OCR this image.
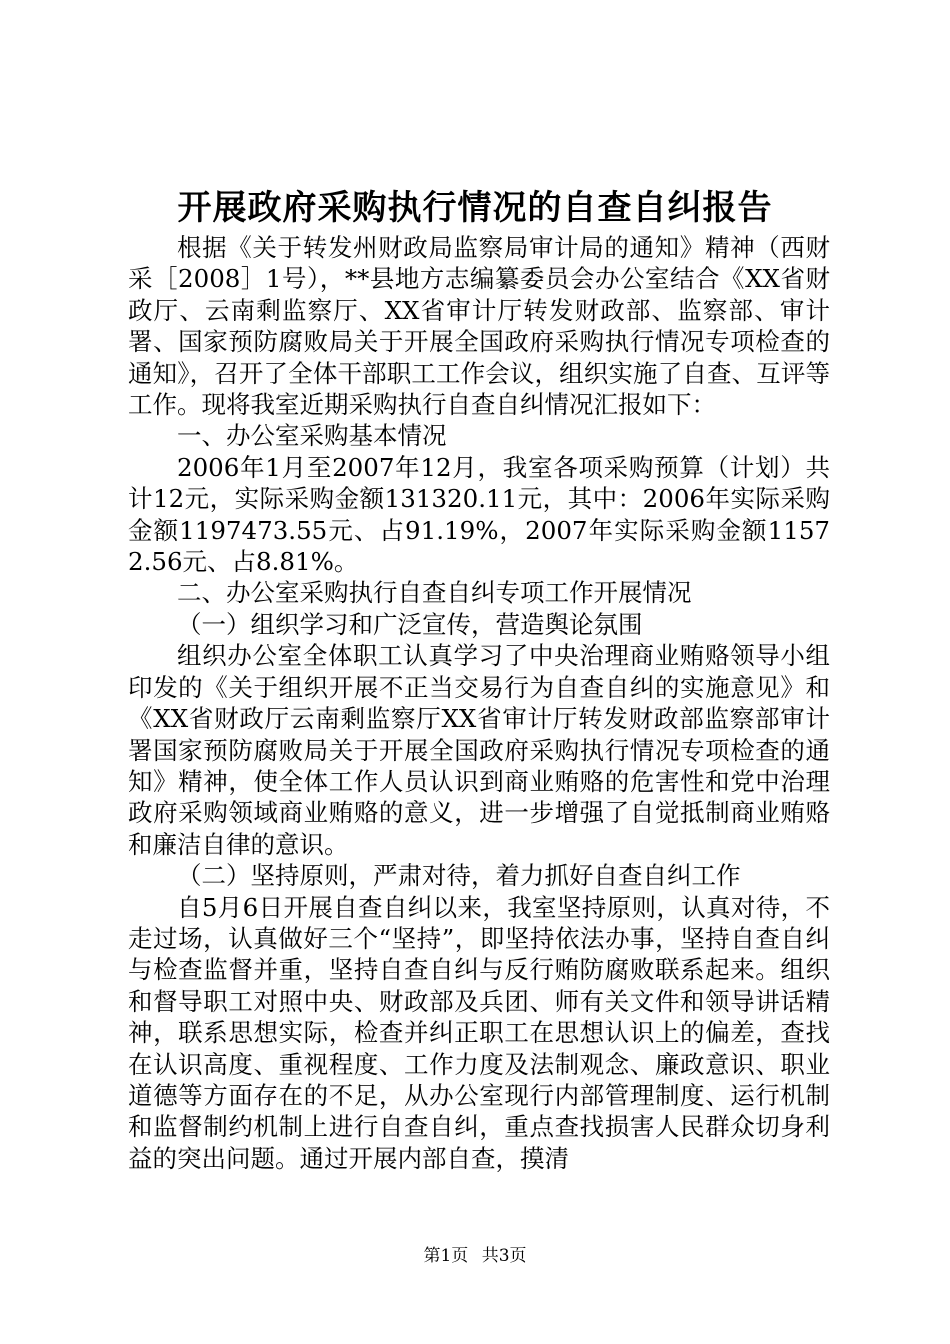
开展政府采购执行情况的自查自纠报告

根据《关于转发州财政局监察局审计局的通知》精神（西财采［2008］1号），**县地方志编纂委员会办公室结合《XX省财政厅、云南剩监察厅、XX省审计厅转发财政部、监察部、审计署、国家预防腐败局关于开展全国政府采购执行情况专项检查的通知》，召开了全体干部职工工作会议，组织实施了自查、互评等工作。现将我室近期采购执行自查自纠情况汇报如下：

一、办公室采购基本情况

2006年1月至2007年12月，我室各项采购预算（计划）共计12元，实际采购金额131320.11元，其中：2006年实际采购金额1197473.55元、占91.19%，2007年实际采购金额11572.56元、占8.81%。

二、办公室采购执行自查自纠专项工作开展情况

（一）组织学习和广泛宣传，营造舆论氛围

组织办公室全体职工认真学习了中央治理商业贿赂领导小组印发的《关于组织开展不正当交易行为自查自纠的实施意见》和《XX省财政厅云南剩监察厅XX省审计厅转发财政部监察部审计署国家预防腐败局关于开展全国政府采购执行情况专项检查的通知》精神，使全体工作人员认识到商业贿赂的危害性和党中治理政府采购领域商业贿赂的意义，进一步增强了自觉抵制商业贿赂和廉洁自律的意识。

（二）坚持原则，严肃对待，着力抓好自查自纠工作

自5月6日开展自查自纠以来，我室坚持原则，认真对待，不走过场，认真做好三个“坚持”，即坚持依法办事，坚持自查自纠与检查监督并重，坚持自查自纠与反行贿防腐败联系起来。组织和督导职工对照中央、财政部及兵团、师有关文件和领导讲话精神，联系思想实际，检查并纠正职工在思想认识上的偏差，查找在认识高度、重视程度、工作力度及法制观念、廉政意识、职业道德等方面存在的不足，从办公室现行内部管理制度、运行机制和监督制约机制上进行自查自纠，重点查找损害人民群众切身利益的突出问题。通过开展内部自查，摸清

第1页 共3页
